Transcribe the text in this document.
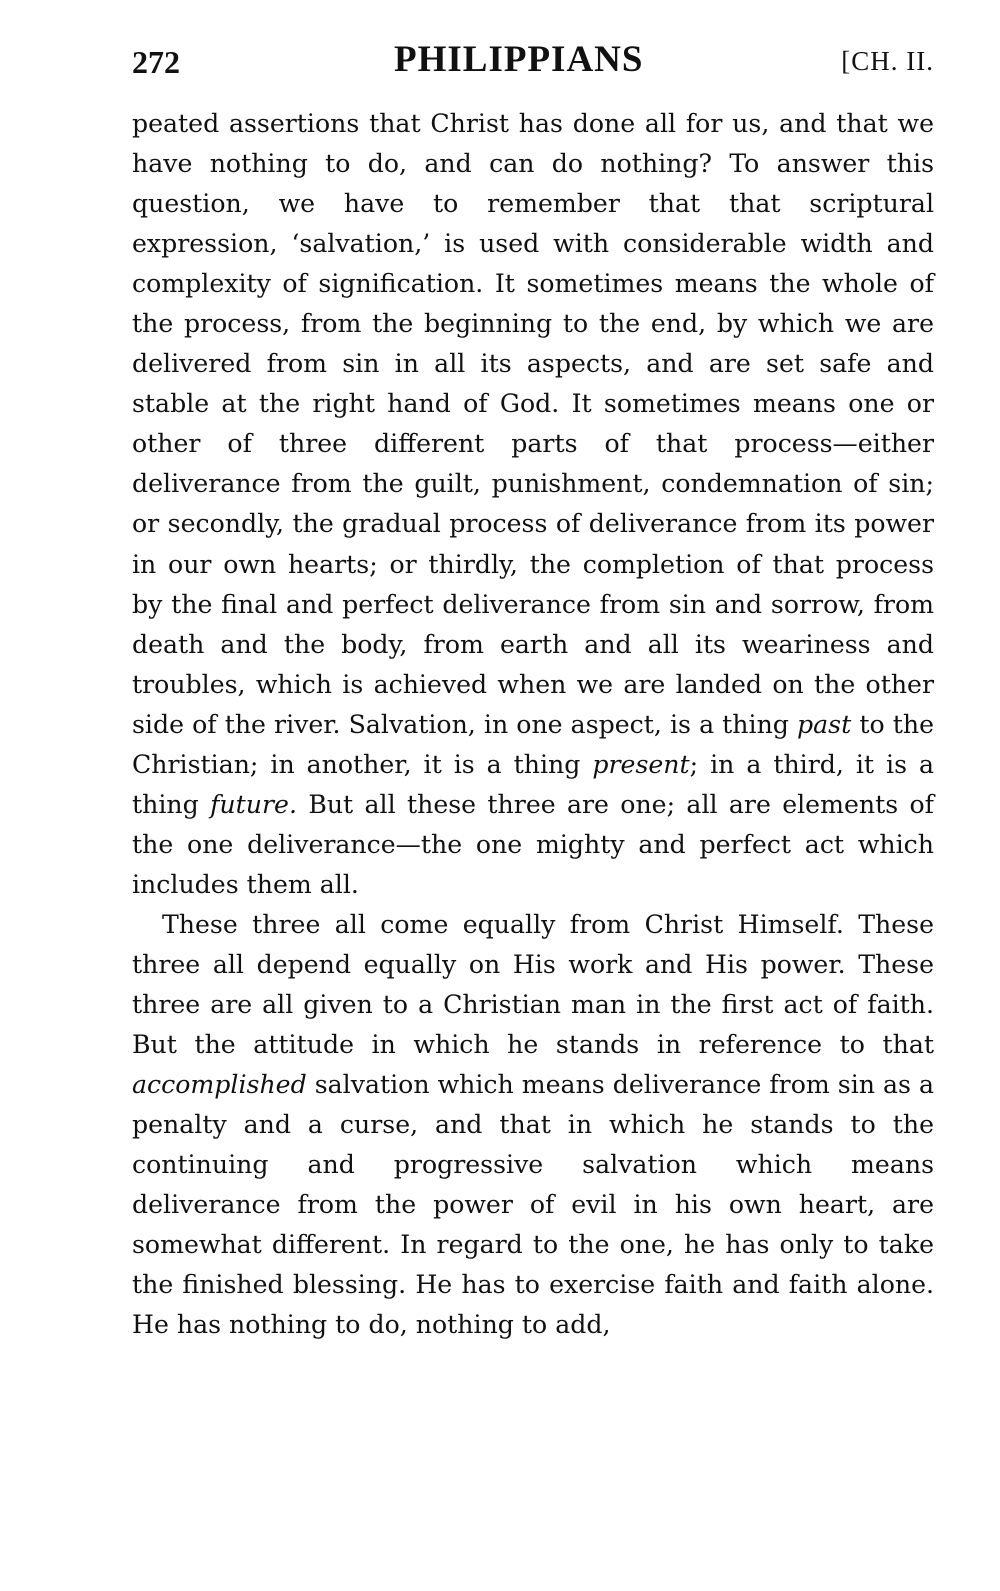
272	PHILIPPIANS	[CH. II.

peated assertions that Christ has done all for us, and that we have nothing to do, and can do nothing? To answer this question, we have to remember that that scriptural expression, ‘salvation,’ is used with considerable width and complexity of signification. It sometimes means the whole of the process, from the beginning to the end, by which we are delivered from sin in all its aspects, and are set safe and stable at the right hand of God. It sometimes means one or other of three different parts of that process—either deliverance from the guilt, punishment, condemnation of sin; or secondly, the gradual process of deliverance from its power in our own hearts; or thirdly, the completion of that process by the final and perfect deliverance from sin and sorrow, from death and the body, from earth and all its weariness and troubles, which is achieved when we are landed on the other side of the river. Salvation, in one aspect, is a thing past to the Christian; in another, it is a thing present; in a third, it is a thing future. But all these three are one; all are elements of the one deliverance—the one mighty and perfect act which includes them all.

These three all come equally from Christ Himself. These three all depend equally on His work and His power. These three are all given to a Christian man in the first act of faith. But the attitude in which he stands in reference to that accomplished salvation which means deliverance from sin as a penalty and a curse, and that in which he stands to the continuing and progressive salvation which means deliverance from the power of evil in his own heart, are somewhat different. In regard to the one, he has only to take the finished blessing. He has to exercise faith and faith alone. He has nothing to do, nothing to add,
